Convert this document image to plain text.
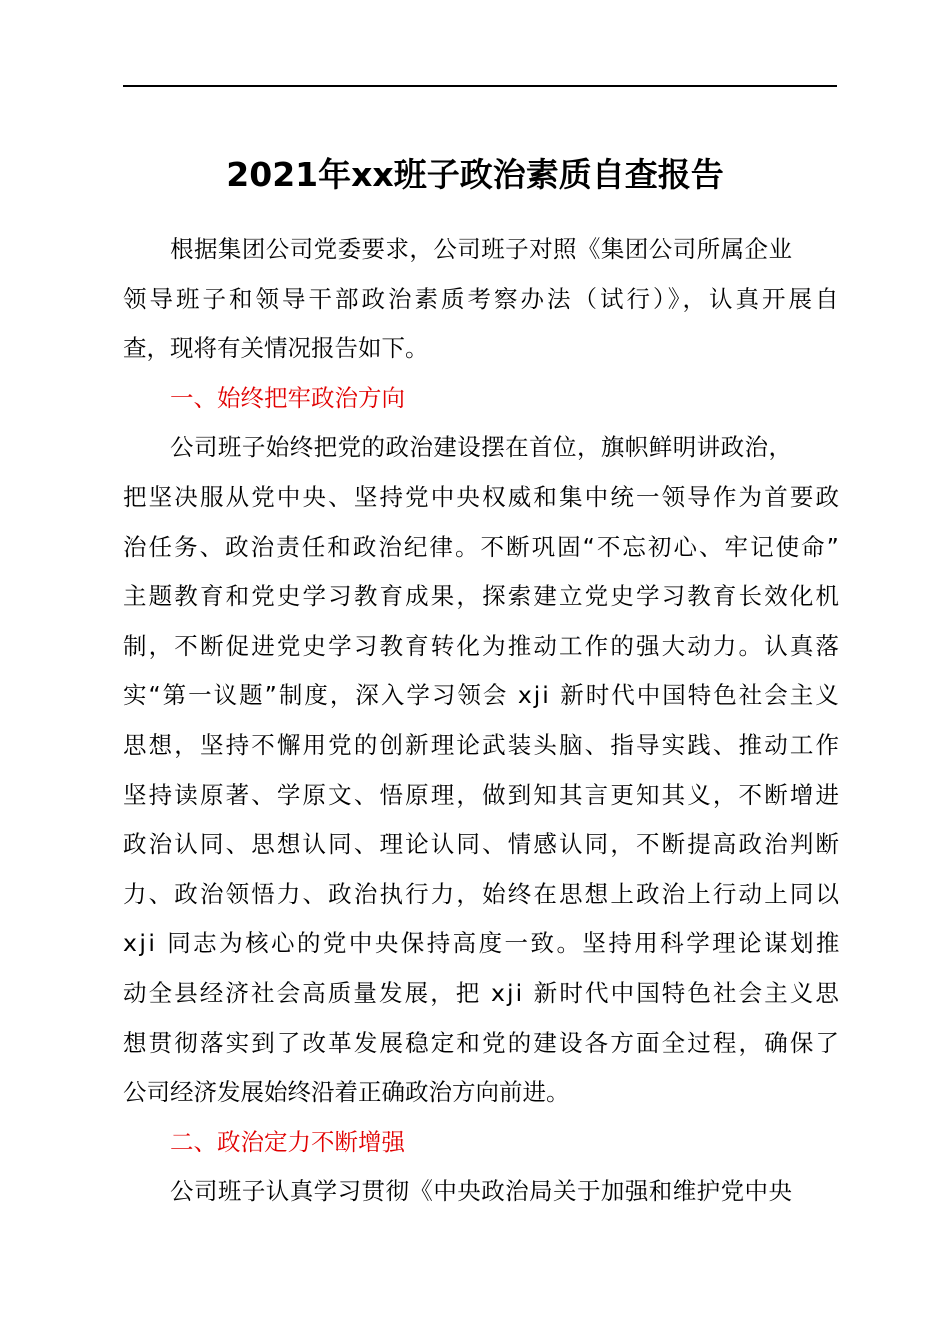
2021年xx班子政治素质自查报告

根据集团公司党委要求，公司班子对照《集团公司所属企业
领导班子和领导干部政治素质考察办法（试行）》，认真开展自
查，现将有关情况报告如下。

一、始终把牢政治方向

公司班子始终把党的政治建设摆在首位，旗帜鲜明讲政治，
把坚决服从党中央、坚持党中央权威和集中统一领导作为首要政
治任务、政治责任和政治纪律。不断巩固“不忘初心、牢记使命”
主题教育和党史学习教育成果，探索建立党史学习教育长效化机
制，不断促进党史学习教育转化为推动工作的强大动力。认真落
实“第一议题”制度，深入学习领会 xji 新时代中国特色社会主义
思想，坚持不懈用党的创新理论武装头脑、指导实践、推动工作
坚持读原著、学原文、悟原理，做到知其言更知其义，不断增进
政治认同、思想认同、理论认同、情感认同，不断提高政治判断
力、政治领悟力、政治执行力，始终在思想上政治上行动上同以
xji 同志为核心的党中央保持高度一致。坚持用科学理论谋划推
动全县经济社会高质量发展，把 xji 新时代中国特色社会主义思
想贯彻落实到了改革发展稳定和党的建设各方面全过程，确保了
公司经济发展始终沿着正确政治方向前进。

二、政治定力不断增强

公司班子认真学习贯彻《中央政治局关于加强和维护党中央
